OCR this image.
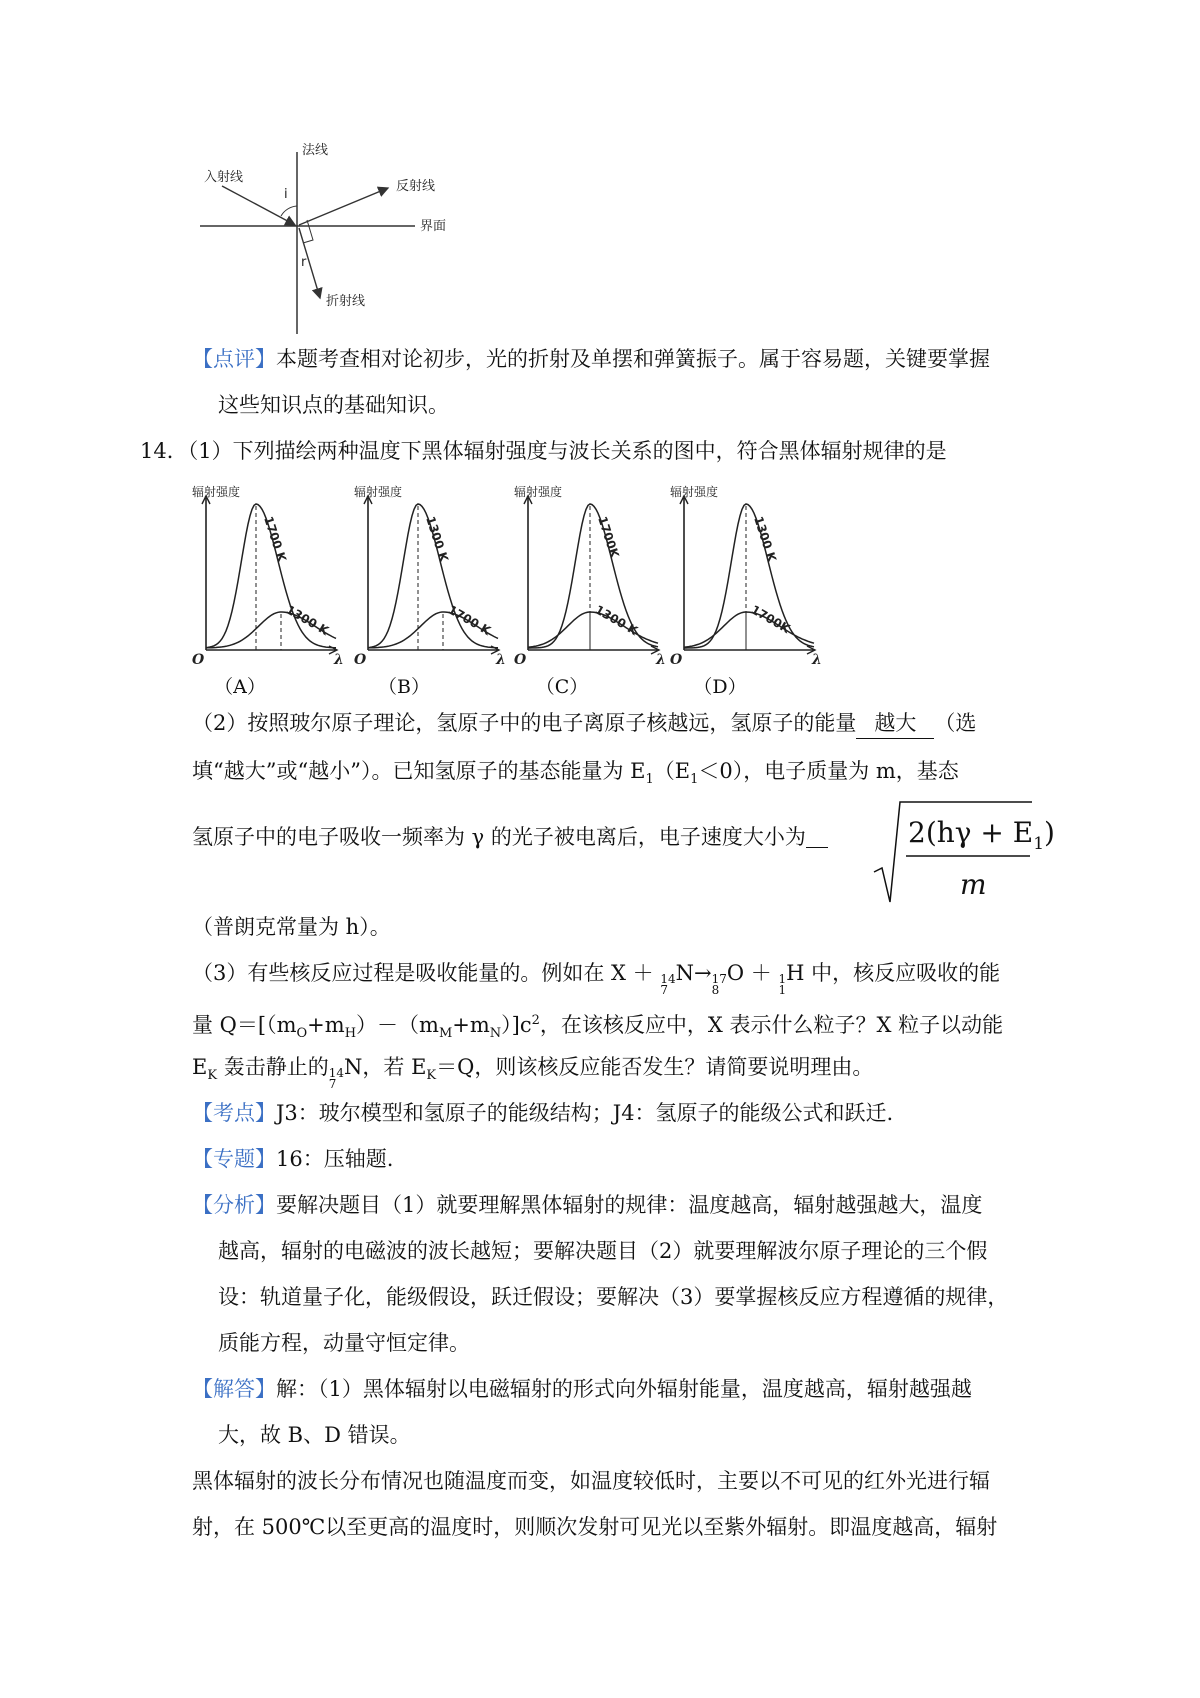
法线
入射线
反射线
界面
折射线
i
r
【点评】本题考查相对论初步，光的折射及单摆和弹簧振子。属于容易题，关键要掌握
这些知识点的基础知识。
14．（1）下列描绘两种温度下黑体辐射强度与波长关系的图中，符合黑体辐射规律的是
辐射强度
O	λ
1700 K
1300 K
辐射强度
O	λ
1300 K
1700 K
辐射强度
O	λ
1700K
1300 K
辐射强度
O	λ
1300 K
1700K
（A）	（B）	（C）	（D）
（2）按照玻尔原子理论，氢原子中的电子离原子核越远，氢原子的能量 越大 （选
填“越大”或“越小”）。已知氢原子的基态能量为 $E_1(E_1<0)$，电子质量为 m，基态
氢原子中的电子吸收一频率为 γ 的光子被电离后，电子速度大小为	$2(h\gamma + E_1)$
m
（普朗克常量为 h）。
（3）有些核反应过程是吸收能量的。例如在 X ＋ 14
7
N→ 17
8
O ＋ 1
1
H 中，核反应吸收的能
量 $Q=[(m_O+m_H)-(m_M+m_N)]c^2$，在该核反应中，X 表示什么粒子？X 粒子以动能
$E_K$ 轰击静止的 14
7
N，若 $E_K=Q$，则该核反应能否发生？请简要说明理由。
【考点】J3：玻尔模型和氢原子的能级结构；J4：氢原子的能级公式和跃迁.
【专题】16：压轴题.
【分析】要解决题目（1）就要理解黑体辐射的规律：温度越高，辐射越强越大，温度
越高，辐射的电磁波的波长越短；要解决题目（2）就要理解波尔原子理论的三个假
设：轨道量子化，能级假设，跃迁假设；要解决（3）要掌握核反应方程遵循的规律，
质能方程，动量守恒定律。
【解答】解：（1）黑体辐射以电磁辐射的形式向外辐射能量，温度越高，辐射越强越
大，故 B、D 错误。
黑体辐射的波长分布情况也随温度而变，如温度较低时，主要以不可见的红外光进行辐
射，在 500℃以至更高的温度时，则顺次发射可见光以至紫外辐射。即温度越高，辐射
